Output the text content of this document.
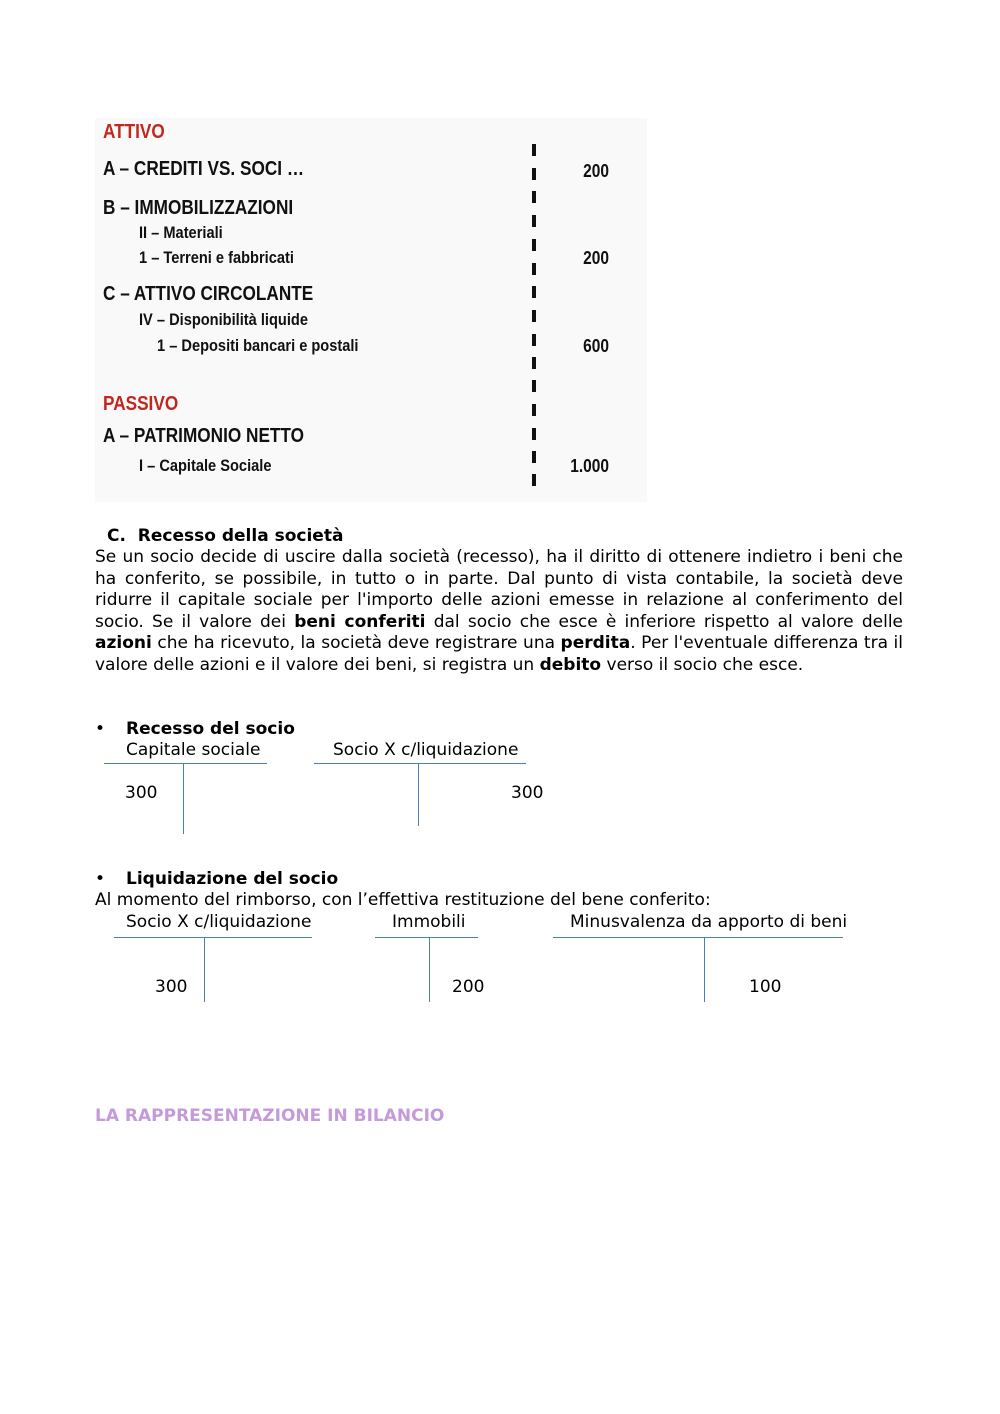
ATTIVO
A – CREDITI VS. SOCI …	200
B – IMMOBILIZZAZIONI
II – Materiali
1 – Terreni e fabbricati	200
C – ATTIVO CIRCOLANTE
IV – Disponibilità liquide
1 – Depositi bancari e postali	600
PASSIVO
A – PATRIMONIO NETTO
I – Capitale Sociale	1.000
C. Recesso della società
Se un socio decide di uscire dalla società (recesso), ha il diritto di ottenere indietro i beni che ha conferito, se possibile, in tutto o in parte. Dal punto di vista contabile, la società deve ridurre il capitale sociale per l'importo delle azioni emesse in relazione al conferimento del socio. Se il valore dei beni conferiti dal socio che esce è inferiore rispetto al valore delle azioni che ha ricevuto, la società deve registrare una perdita. Per l'eventuale differenza tra il valore delle azioni e il valore dei beni, si registra un debito verso il socio che esce.
• Recesso del socio
Capitale sociale	Socio X c/liquidazione
300	300
• Liquidazione del socio
Al momento del rimborso, con l’effettiva restituzione del bene conferito:
Socio X c/liquidazione	Immobili	Minusvalenza da apporto di beni
300	200	100
LA RAPPRESENTAZIONE IN BILANCIO
